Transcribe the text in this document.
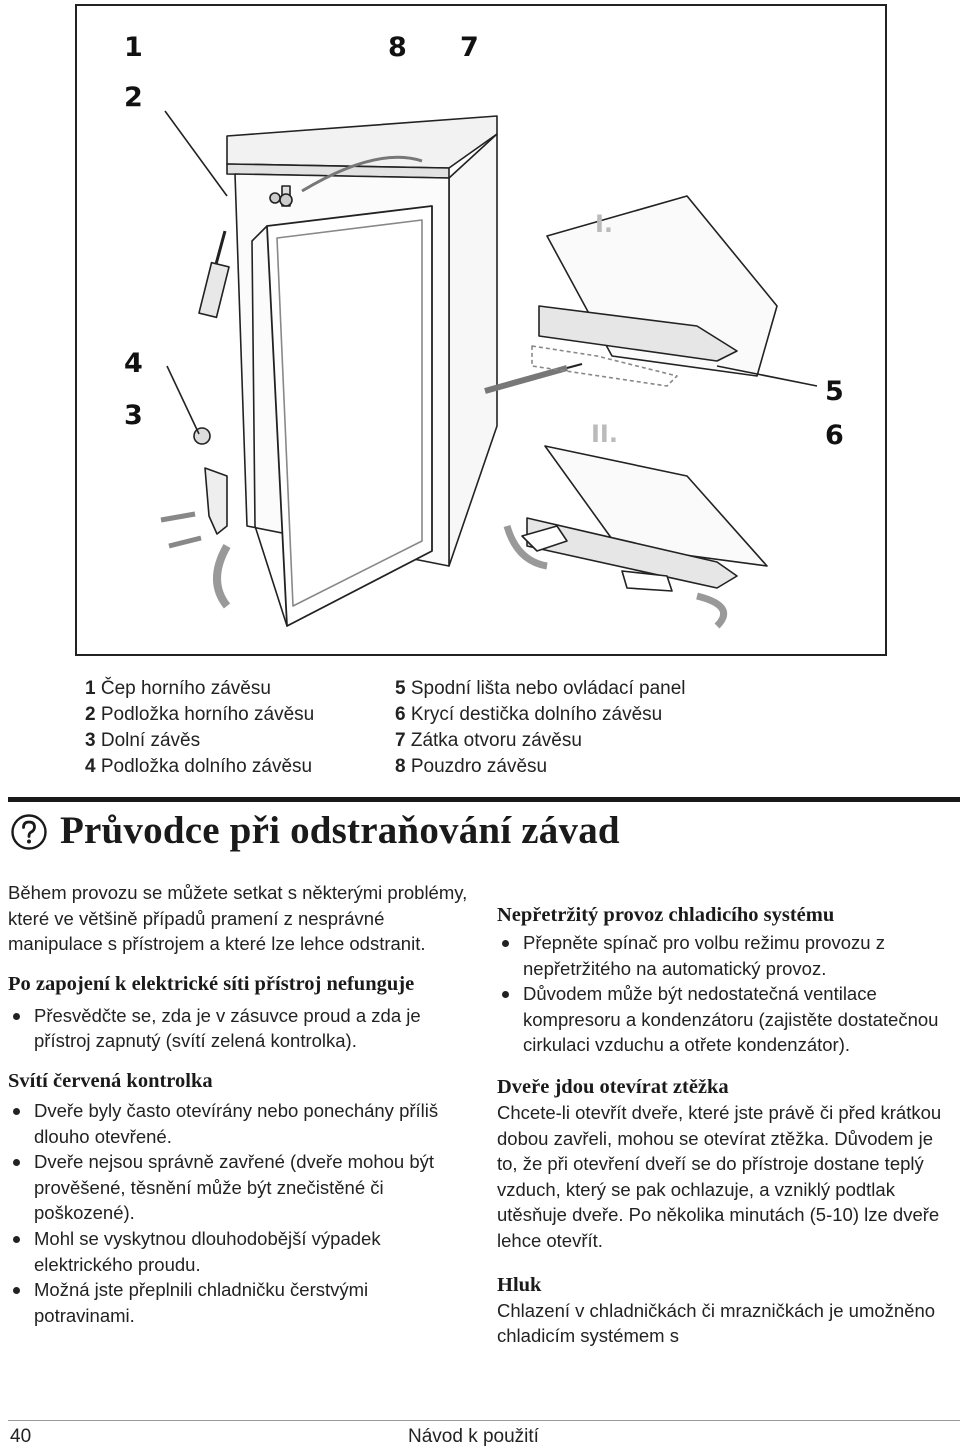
1	8 7
2
4
3
5
6
I.
II.
1 Čep horního závěsu
2 Podložka horního závěsu
3 Dolní závěs
4 Podložka dolního závěsu
5 Spodní lišta nebo ovládací panel
6 Krycí destička dolního závěsu
7 Zátka otvoru závěsu
8 Pouzdro závěsu
Průvodce při odstraňování závad

Během provozu se můžete setkat s některými problémy, které ve většině případů pramení z nesprávné manipulace s přístrojem a které lze lehce odstranit.

Po zapojení k elektrické síti přístroj nefunguje

Přesvědčte se, zda je v zásuvce proud a zda je přístroj zapnutý (svítí zelená kontrolka).

Svítí červená kontrolka

Dveře byly často otevírány nebo ponechány příliš dlouho otevřené.
Dveře nejsou správně zavřené (dveře mohou být prověšené, těsnění může být znečistěné či poškozené).
Mohl se vyskytnou dlouhodobější výpadek elektrického proudu.
Možná jste přeplnili chladničku čerstvými potravinami.

Nepřetržitý provoz chladicího systému

Přepněte spínač pro volbu režimu provozu z nepřetržitého na automatický provoz.
Důvodem může být nedostatečná ventilace kompresoru a kondenzátoru (zajistěte dostatečnou cirkulaci vzduchu a otřete kondenzátor).

Dveře jdou otevírat ztěžka

Chcete-li otevřít dveře, které jste právě či před krátkou dobou zavřeli, mohou se otevírat ztěžka. Důvodem je to, že při otevření dveří se do přístroje dostane teplý vzduch, který se pak ochlazuje, a vzniklý podtlak utěsňuje dveře. Po několika minutách (5-10) lze dveře lehce otevřít.

Hluk

Chlazení v chladničkách či mrazničkách je umožněno chladicím systémem s

40	Návod k použití
